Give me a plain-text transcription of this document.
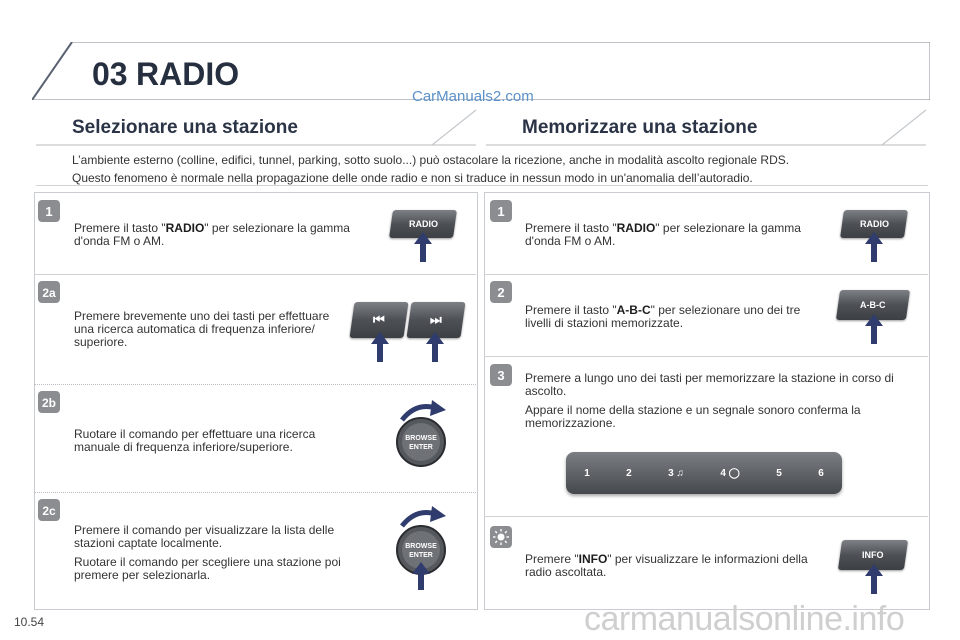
03 RADIO
CarManuals2.com
Selezionare una stazione	Memorizzare una stazione

L’ambiente esterno (colline, edifici, tunnel, parking, sotto suolo...) può ostacolare la ricezione, anche in modalità ascolto regionale RDS.

Questo fenomeno è normale nella propagazione delle onde radio e non si traduce in nessun modo in un'anomalia dell’autoradio.

1

Premere il tasto "RADIO" per selezionare la gamma d'onda FM o AM.

RADIO
2a

Premere brevemente uno dei tasti per effettuare una ricerca automatica di frequenza inferiore/ superiore.

⏮	⏭
2b

Ruotare il comando per effettuare una ricerca manuale di frequenza inferiore/superiore.

BROWSE
ENTER
2c

Premere il comando per visualizzare la lista delle stazioni captate localmente.

Ruotare il comando per scegliere una stazione poi premere per selezionarla.

BROWSE
ENTER
1

Premere il tasto "RADIO" per selezionare la gamma d'onda FM o AM.

RADIO
2

Premere il tasto "A-B-C" per selezionare uno dei tre livelli di stazioni memorizzate.

A-B-C
3 Premere a lungo uno dei tasti per memorizzare la stazione in corso di ascolto.

Appare il nome della stazione e un segnale sonoro conferma la memorizzazione.

1	2	3 ♫	4 ◯	5	6

Premere "INFO" per visualizzare le informazioni della radio ascoltata.

INFO
10.54	carmanualsonline.info
